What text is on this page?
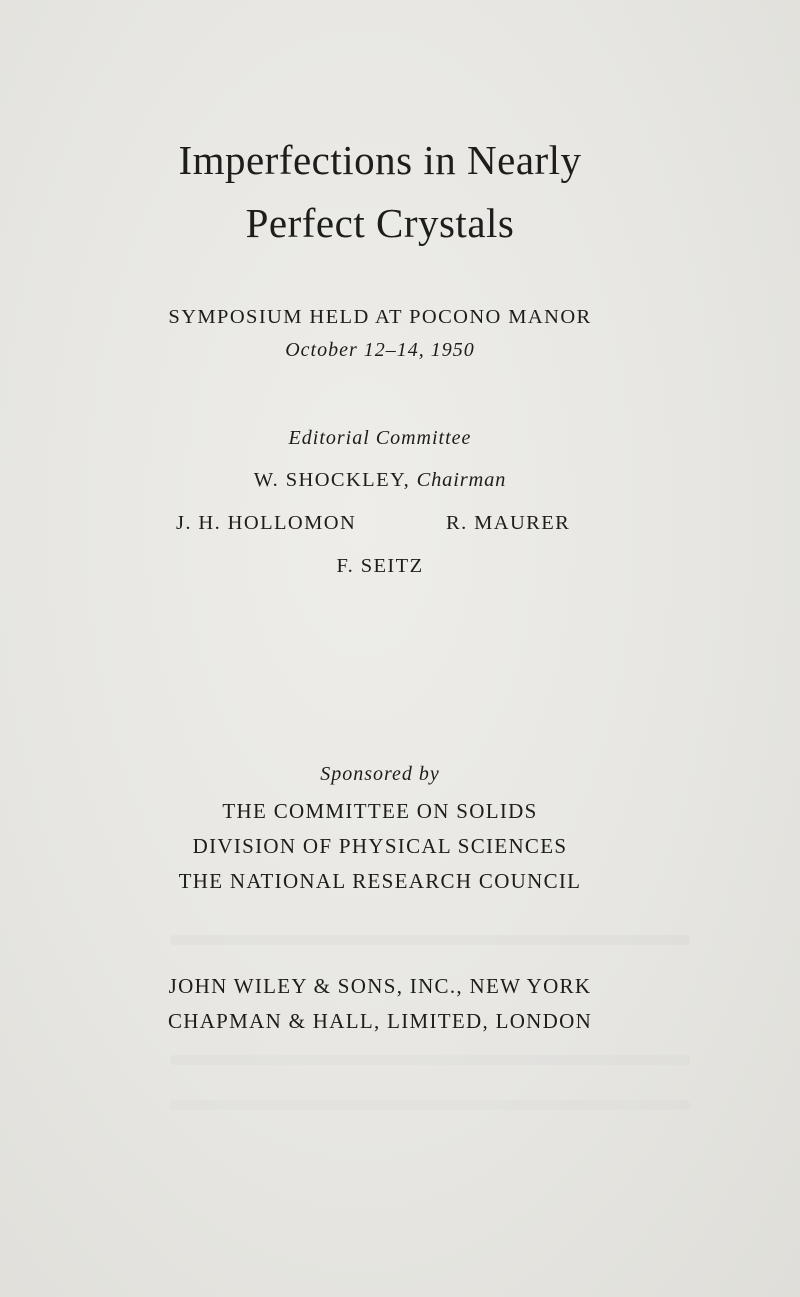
Imperfections in Nearly
Perfect Crystals
SYMPOSIUM HELD AT POCONO MANOR
October 12–14, 1950
Editorial Committee
W. SHOCKLEY, Chairman
J. H. HOLLOMON	R. MAURER
F. SEITZ
Sponsored by
THE COMMITTEE ON SOLIDS
DIVISION OF PHYSICAL SCIENCES
THE NATIONAL RESEARCH COUNCIL
JOHN WILEY & SONS, INC., NEW YORK
CHAPMAN & HALL, LIMITED, LONDON
